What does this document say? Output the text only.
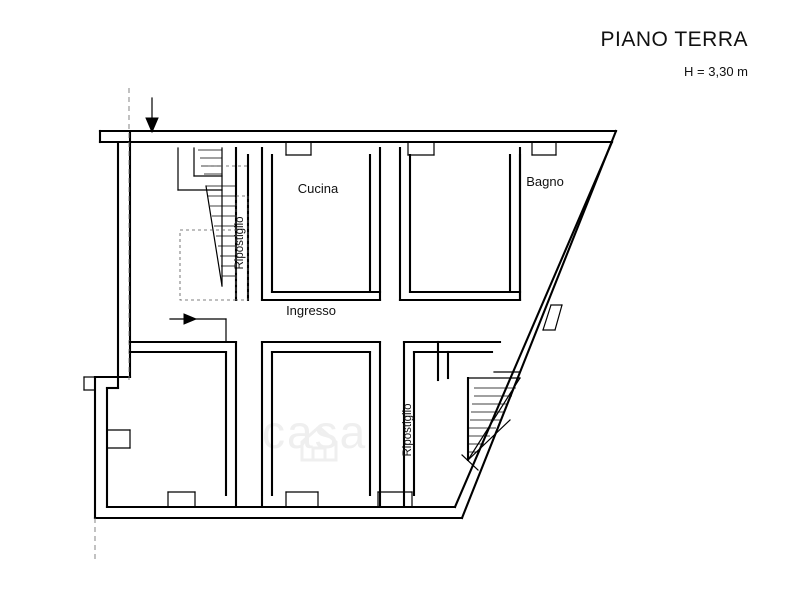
PIANO TERRA
H = 3,30 m
casa
Cucina	Bagno
Ingresso
Ripostiglio
Ripostiglio
